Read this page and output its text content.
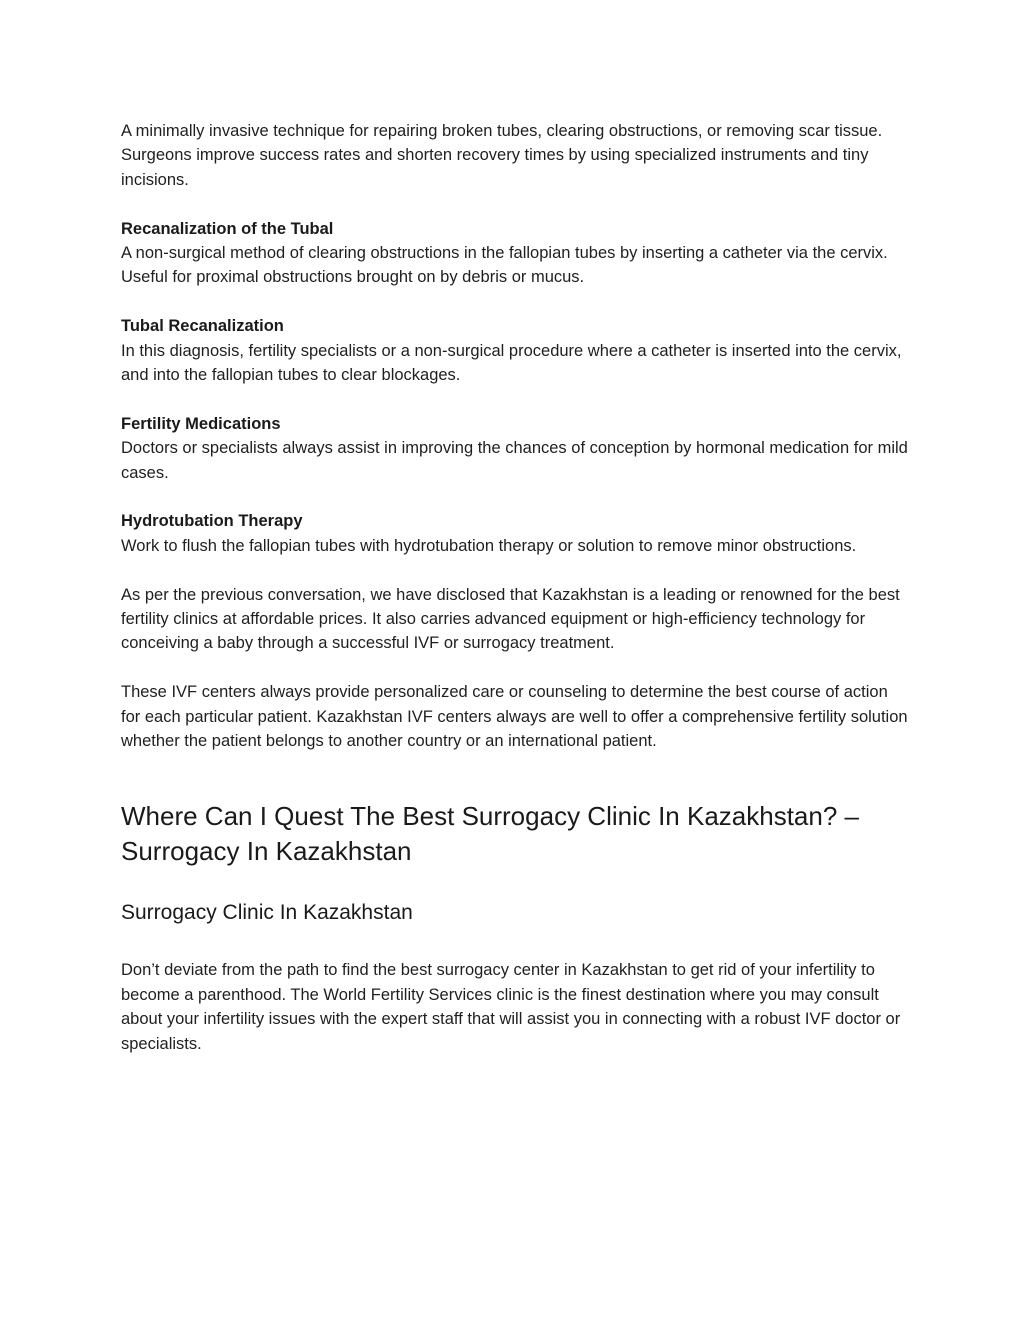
A minimally invasive technique for repairing broken tubes, clearing obstructions, or removing scar tissue. Surgeons improve success rates and shorten recovery times by using specialized instruments and tiny incisions.

Recanalization of the Tubal

A non-surgical method of clearing obstructions in the fallopian tubes by inserting a catheter via the cervix. Useful for proximal obstructions brought on by debris or mucus.

Tubal Recanalization

In this diagnosis, fertility specialists or a non-surgical procedure where a catheter is inserted into the cervix, and into the fallopian tubes to clear blockages.

Fertility Medications

Doctors or specialists always assist in improving the chances of conception by hormonal medication for mild cases.

Hydrotubation Therapy

Work to flush the fallopian tubes with hydrotubation therapy or solution to remove minor obstructions.

As per the previous conversation, we have disclosed that Kazakhstan is a leading or renowned for the best fertility clinics at affordable prices. It also carries advanced equipment or high-efficiency technology for conceiving a baby through a successful IVF or surrogacy treatment.

These IVF centers always provide personalized care or counseling to determine the best course of action for each particular patient. Kazakhstan IVF centers always are well to offer a comprehensive fertility solution whether the patient belongs to another country or an international patient.

Where Can I Quest The Best Surrogacy Clinic In Kazakhstan? – Surrogacy In Kazakhstan
Surrogacy Clinic In Kazakhstan

Don’t deviate from the path to find the best surrogacy center in Kazakhstan to get rid of your infertility to become a parenthood. The World Fertility Services clinic is the finest destination where you may consult about your infertility issues with the expert staff that will assist you in connecting with a robust IVF doctor or specialists.
